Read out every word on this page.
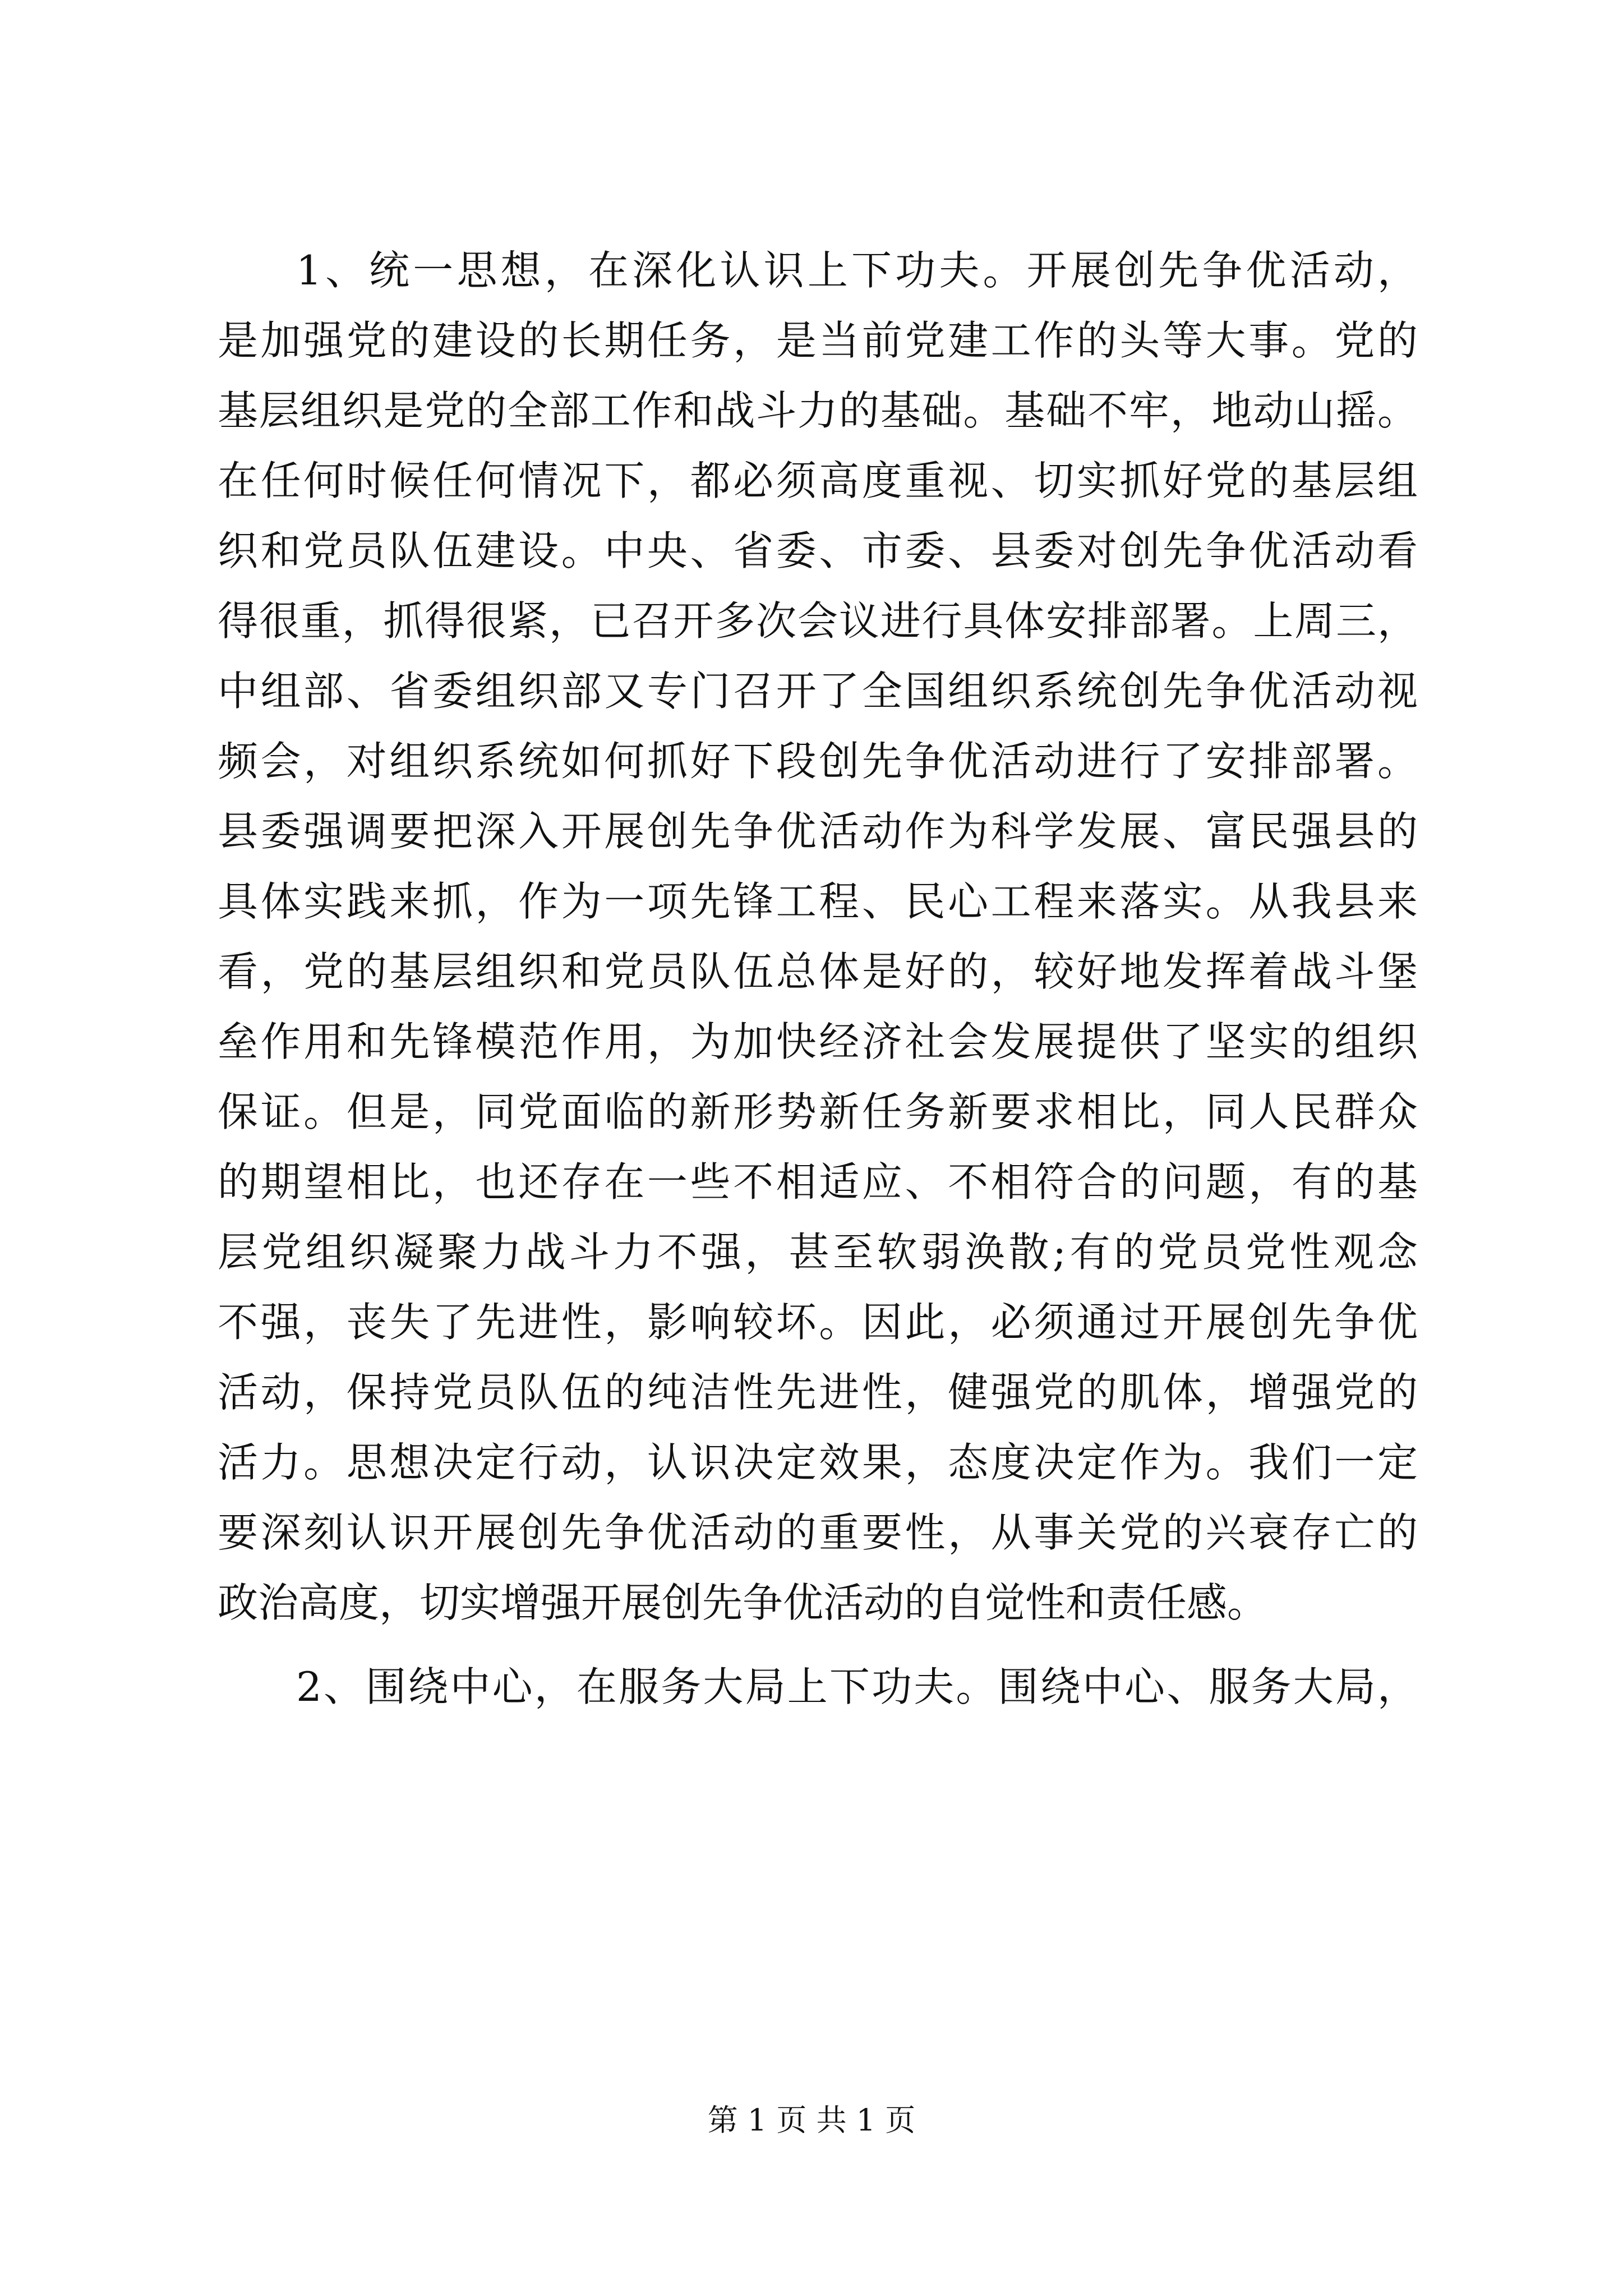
1、统一思想，在深化认识上下功夫。开展创先争优活动，
是加强党的建设的长期任务，是当前党建工作的头等大事。党的
基层组织是党的全部工作和战斗力的基础。基础不牢，地动山摇。
在任何时候任何情况下，都必须高度重视、切实抓好党的基层组
织和党员队伍建设。中央、省委、市委、县委对创先争优活动看
得很重，抓得很紧，已召开多次会议进行具体安排部署。上周三，
中组部、省委组织部又专门召开了全国组织系统创先争优活动视
频会，对组织系统如何抓好下段创先争优活动进行了安排部署。
县委强调要把深入开展创先争优活动作为科学发展、富民强县的
具体实践来抓，作为一项先锋工程、民心工程来落实。从我县来
看，党的基层组织和党员队伍总体是好的，较好地发挥着战斗堡
垒作用和先锋模范作用，为加快经济社会发展提供了坚实的组织
保证。但是，同党面临的新形势新任务新要求相比，同人民群众
的期望相比，也还存在一些不相适应、不相符合的问题，有的基
层党组织凝聚力战斗力不强，甚至软弱涣散;有的党员党性观念
不强，丧失了先进性，影响较坏。因此，必须通过开展创先争优
活动，保持党员队伍的纯洁性先进性，健强党的肌体，增强党的
活力。思想决定行动，认识决定效果，态度决定作为。我们一定
要深刻认识开展创先争优活动的重要性，从事关党的兴衰存亡的
政治高度，切实增强开展创先争优活动的自觉性和责任感。
2、围绕中心，在服务大局上下功夫。围绕中心、服务大局，
第 1 页 共 1 页
